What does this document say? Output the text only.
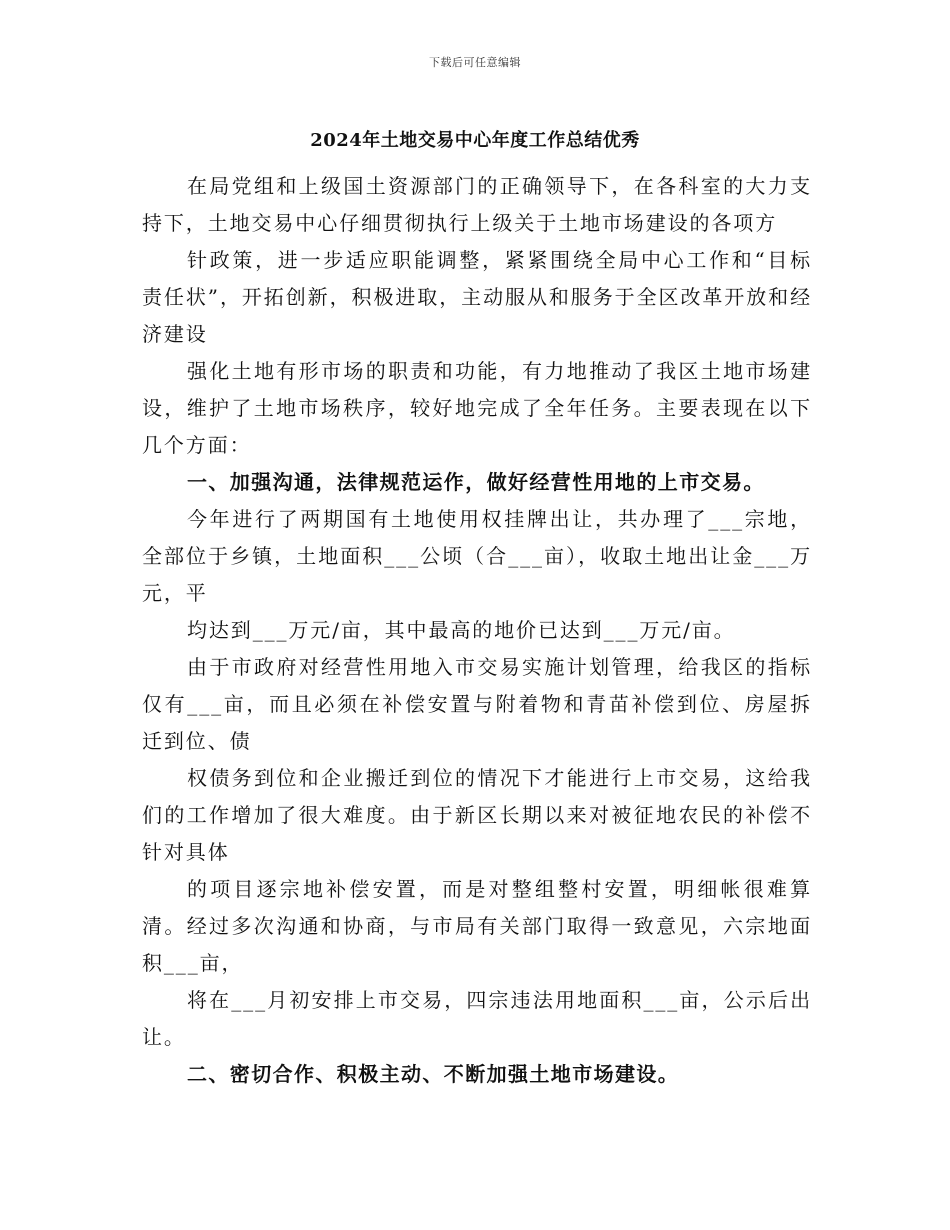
下载后可任意编辑
2024年土地交易中心年度工作总结优秀

在局党组和上级国土资源部门的正确领导下，在各科室的大力支持下，土地交易中心仔细贯彻执行上级关于土地市场建设的各项方

针政策，进一步适应职能调整，紧紧围绕全局中心工作和“目标责任状”，开拓创新，积极进取，主动服从和服务于全区改革开放和经济建设

强化土地有形市场的职责和功能，有力地推动了我区土地市场建设，维护了土地市场秩序，较好地完成了全年任务。主要表现在以下几个方面：

一、加强沟通，法律规范运作，做好经营性用地的上市交易。

今年进行了两期国有土地使用权挂牌出让，共办理了___宗地，全部位于乡镇，土地面积___公顷（合___亩），收取土地出让金___万元，平

均达到___万元/亩，其中最高的地价已达到___万元/亩。

由于市政府对经营性用地入市交易实施计划管理，给我区的指标仅有___亩，而且必须在补偿安置与附着物和青苗补偿到位、房屋拆迁到位、债

权债务到位和企业搬迁到位的情况下才能进行上市交易，这给我们的工作增加了很大难度。由于新区长期以来对被征地农民的补偿不针对具体

的项目逐宗地补偿安置，而是对整组整村安置，明细帐很难算清。经过多次沟通和协商，与市局有关部门取得一致意见，六宗地面积___亩，

将在___月初安排上市交易，四宗违法用地面积___亩，公示后出让。

二、密切合作、积极主动、不断加强土地市场建设。
